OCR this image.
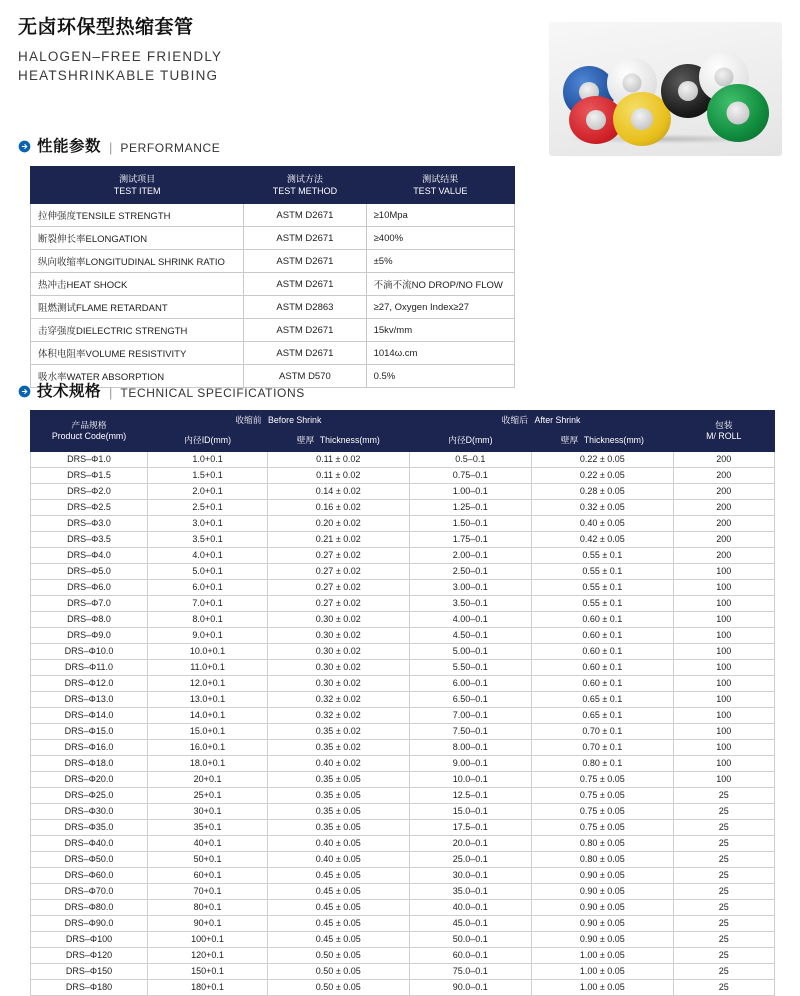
无卤环保型热缩套管
HALOGEN–FREE FRIENDLY
HEATSHRINKABLE TUBING
性能参数 | PERFORMANCE
测试项目
TEST ITEM

测试方法
TEST METHOD

测试结果
TEST VALUE

拉伸强度TENSILE STRENGTH	ASTM D2671	≥10Mpa
断裂伸长率ELONGATION	ASTM D2671	≥400%
纵向收缩率LONGITUDINAL SHRINK RATIO	ASTM D2671	±5%
热冲击HEAT SHOCK	ASTM D2671	不滴不流NO DROP/NO FLOW
阻燃测试FLAME RETARDANT	ASTM D2863	≥27, Oxygen Index≥27
击穿强度DIELECTRIC STRENGTH	ASTM D2671	15kv/mm
体积电阻率VOLUME RESISTIVITY	ASTM D2671	1014ω.cm
吸水率WATER ABSORPTION	ASTM D570	0.5%
技术规格 | TECHNICAL SPECIFICATIONS
产品规格
Product Code(mm)
	收缩前 Before Shrink	收缩后 After Shrink	包装
M/ ROLL

	内径ID(mm)	壁厚 Thickness(mm)	内径D(mm)	壁厚 Thickness(mm)	
DRS–Φ1.0	1.0+0.1	0.11 ± 0.02	0.5–0.1	0.22 ± 0.05	200
DRS–Φ1.5	1.5+0.1	0.11 ± 0.02	0.75–0.1	0.22 ± 0.05	200
DRS–Φ2.0	2.0+0.1	0.14 ± 0.02	1.00–0.1	0.28 ± 0.05	200
DRS–Φ2.5	2.5+0.1	0.16 ± 0.02	1.25–0.1	0.32 ± 0.05	200
DRS–Φ3.0	3.0+0.1	0.20 ± 0.02	1.50–0.1	0.40 ± 0.05	200
DRS–Φ3.5	3.5+0.1	0.21 ± 0.02	1.75–0.1	0.42 ± 0.05	200
DRS–Φ4.0	4.0+0.1	0.27 ± 0.02	2.00–0.1	0.55 ± 0.1	200
DRS–Φ5.0	5.0+0.1	0.27 ± 0.02	2.50–0.1	0.55 ± 0.1	100
DRS–Φ6.0	6.0+0.1	0.27 ± 0.02	3.00–0.1	0.55 ± 0.1	100
DRS–Φ7.0	7.0+0.1	0.27 ± 0.02	3.50–0.1	0.55 ± 0.1	100
DRS–Φ8.0	8.0+0.1	0.30 ± 0.02	4.00–0.1	0.60 ± 0.1	100
DRS–Φ9.0	9.0+0.1	0.30 ± 0.02	4.50–0.1	0.60 ± 0.1	100
DRS–Φ10.0	10.0+0.1	0.30 ± 0.02	5.00–0.1	0.60 ± 0.1	100
DRS–Φ11.0	11.0+0.1	0.30 ± 0.02	5.50–0.1	0.60 ± 0.1	100
DRS–Φ12.0	12.0+0.1	0.30 ± 0.02	6.00–0.1	0.60 ± 0.1	100
DRS–Φ13.0	13.0+0.1	0.32 ± 0.02	6.50–0.1	0.65 ± 0.1	100
DRS–Φ14.0	14.0+0.1	0.32 ± 0.02	7.00–0.1	0.65 ± 0.1	100
DRS–Φ15.0	15.0+0.1	0.35 ± 0.02	7.50–0.1	0.70 ± 0.1	100
DRS–Φ16.0	16.0+0.1	0.35 ± 0.02	8.00–0.1	0.70 ± 0.1	100
DRS–Φ18.0	18.0+0.1	0.40 ± 0.02	9.00–0.1	0.80 ± 0.1	100
DRS–Φ20.0	20+0.1	0.35 ± 0.05	10.0–0.1	0.75 ± 0.05	100
DRS–Φ25.0	25+0.1	0.35 ± 0.05	12.5–0.1	0.75 ± 0.05	25
DRS–Φ30.0	30+0.1	0.35 ± 0.05	15.0–0.1	0.75 ± 0.05	25
DRS–Φ35.0	35+0.1	0.35 ± 0.05	17.5–0.1	0.75 ± 0.05	25
DRS–Φ40.0	40+0.1	0.40 ± 0.05	20.0–0.1	0.80 ± 0.05	25
DRS–Φ50.0	50+0.1	0.40 ± 0.05	25.0–0.1	0.80 ± 0.05	25
DRS–Φ60.0	60+0.1	0.45 ± 0.05	30.0–0.1	0.90 ± 0.05	25
DRS–Φ70.0	70+0.1	0.45 ± 0.05	35.0–0.1	0.90 ± 0.05	25
DRS–Φ80.0	80+0.1	0.45 ± 0.05	40.0–0.1	0.90 ± 0.05	25
DRS–Φ90.0	90+0.1	0.45 ± 0.05	45.0–0.1	0.90 ± 0.05	25
DRS–Φ100	100+0.1	0.45 ± 0.05	50.0–0.1	0.90 ± 0.05	25
DRS–Φ120	120+0.1	0.50 ± 0.05	60.0–0.1	1.00 ± 0.05	25
DRS–Φ150	150+0.1	0.50 ± 0.05	75.0–0.1	1.00 ± 0.05	25
DRS–Φ180	180+0.1	0.50 ± 0.05	90.0–0.1	1.00 ± 0.05	25
